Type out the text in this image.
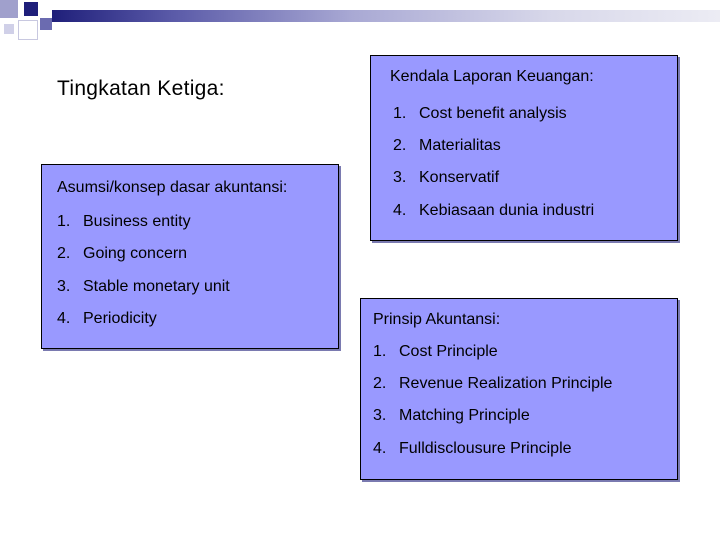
Tingkatan Ketiga:
Kendala Laporan Keuangan:
1. Cost benefit analysis
2. Materialitas
3. Konservatif
4. Kebiasaan dunia industri
Asumsi/konsep dasar akuntansi:
1. Business entity
2. Going concern
3. Stable monetary unit
4. Periodicity	Prinsip Akuntansi:
1. Cost Principle
2. Revenue Realization Principle
3. Matching Principle
4. Fulldisclousure Principle
